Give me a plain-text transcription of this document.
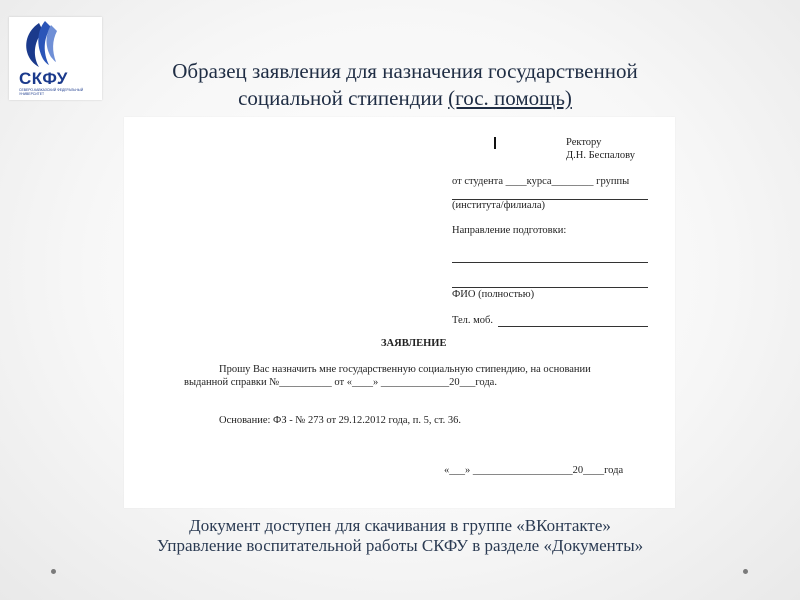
СКФУ
СЕВЕРО-КАВКАЗСКИЙ ФЕДЕРАЛЬНЫЙ УНИВЕРСИТЕТ
Образец заявления для назначения государственной
социальной стипендии (гос. помощь)
Ректору
Д.Н. Беспалову
от студента ____курса________ группы
(института/филиала)
Направление подготовки:
ФИО (полностью)
Тел. моб.
ЗАЯВЛЕНИЕ
Прошу Вас назначить мне государственную социальную стипендию, на основании
выданной справки №__________ от «____» _____________20___года.
Основание: ФЗ - № 273 от 29.12.2012 года, п. 5, ст. 36.
«___» ___________________20____года
Документ доступен для скачивания в группе «ВКонтакте»
Управление воспитательной работы СКФУ в разделе «Документы»
